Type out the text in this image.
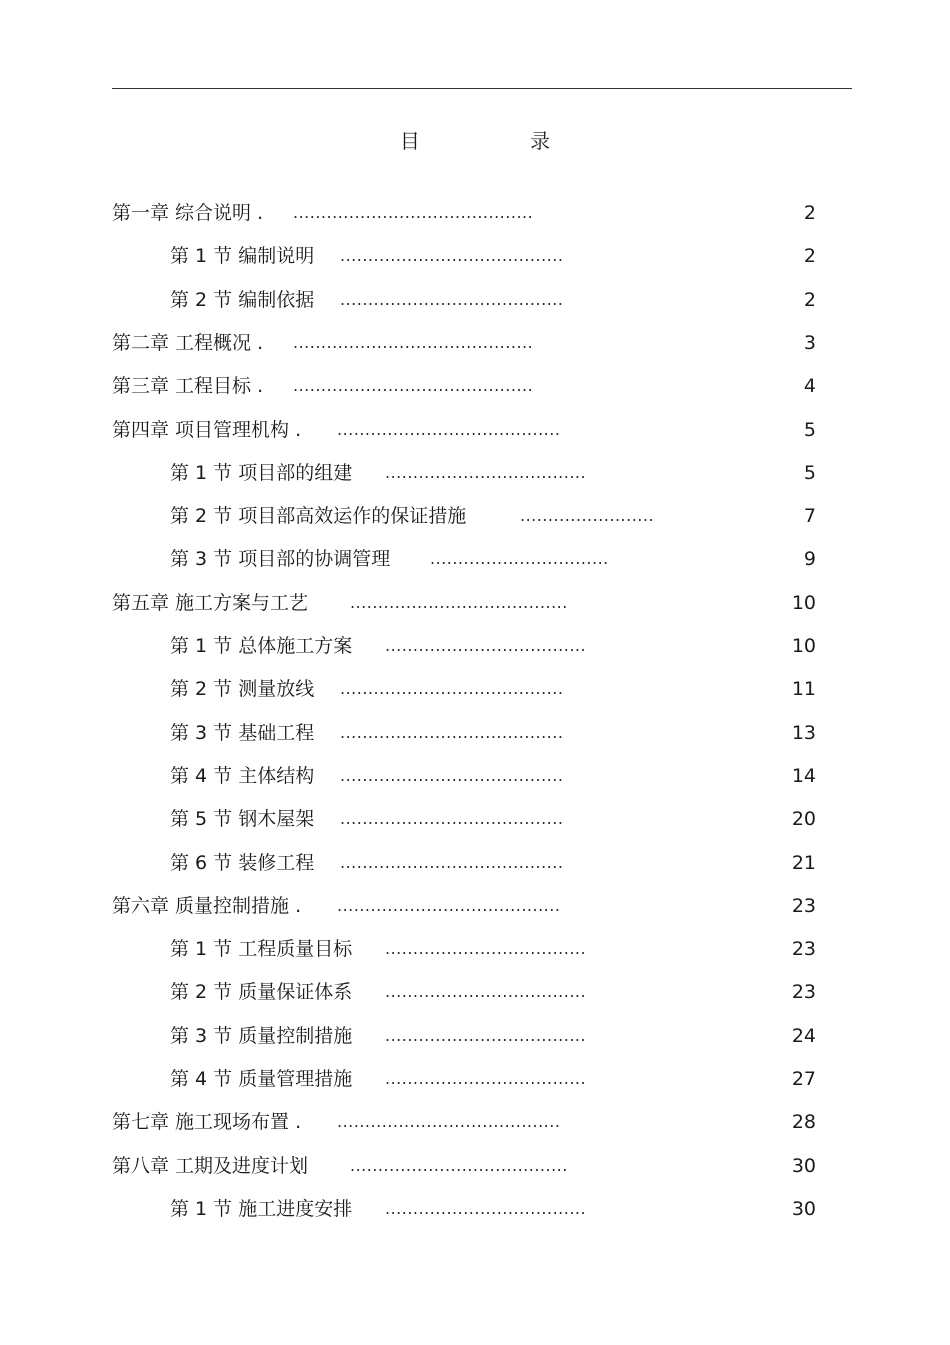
目 录
第一章 综合说明 . ...........................................	2
第 1 节 编制说明 ........................................	2
第 2 节 编制依据 ........................................	2
第二章 工程概况 . ...........................................	3
第三章 工程目标 . ...........................................	4
第四章 项目管理机构 . ........................................	5
第 1 节 项目部的组建 ....................................	5
第 2 节 项目部高效运作的保证措施	........................	7
第 3 节 项目部的协调管理 ................................	9
第五章 施工方案与工艺	.......................................	10
第 1 节 总体施工方案 ....................................	10
第 2 节 测量放线 ........................................	11
第 3 节 基础工程 ........................................	13
第 4 节 主体结构 ........................................	14
第 5 节 钢木屋架 ........................................	20
第 6 节 装修工程 ........................................	21
第六章 质量控制措施 . ........................................	23
第 1 节 工程质量目标 ....................................	23
第 2 节 质量保证体系 ....................................	23
第 3 节 质量控制措施 ....................................	24
第 4 节 质量管理措施 ....................................	27
第七章 施工现场布置 . ........................................	28
第八章 工期及进度计划	.......................................	30
第 1 节 施工进度安排 ....................................	30
